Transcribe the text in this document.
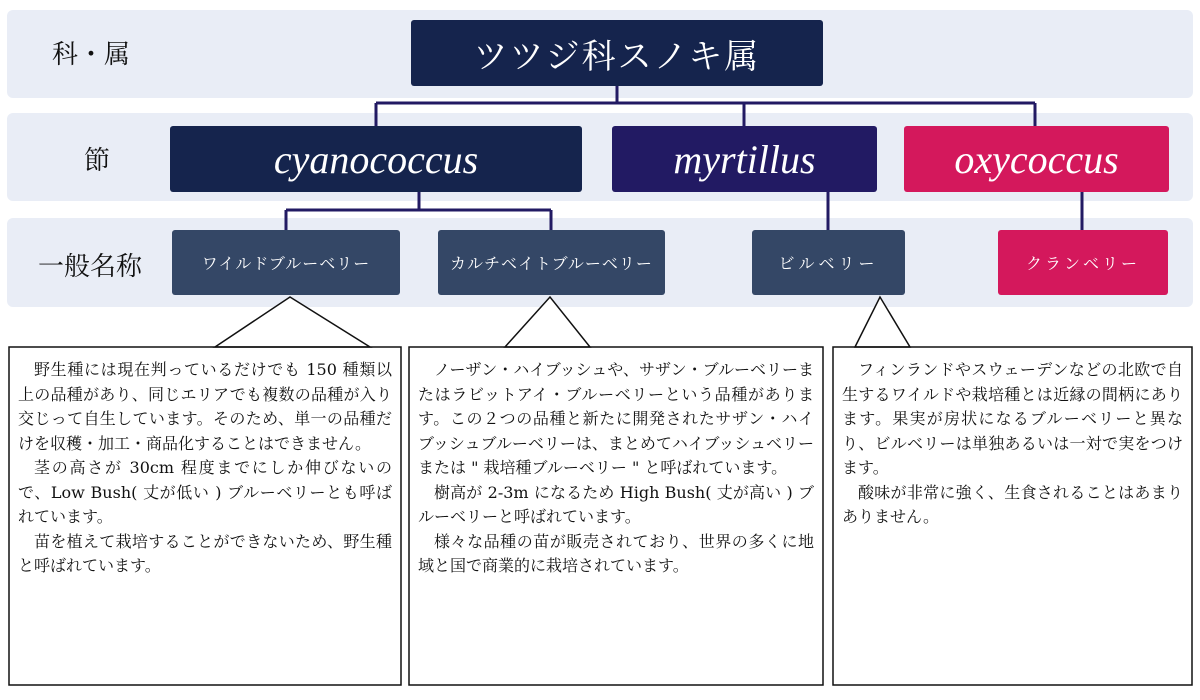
科・属
節
一般名称
ツツジ科スノキ属
cyanococcus	myrtillus	oxycoccus
ワイルドブルーベリー	カルチベイトブルーベリー	ビルベリー	クランベリー

野生種には現在判っているだけでも 150 種類以上の品種があり、同じエリアでも複数の品種が入り交じって自生しています。そのため、単一の品種だけを収穫・加工・商品化することはできません。

茎の高さが 30cm 程度までにしか伸びないので、Low Bush( 丈が低い ) ブルーベリーとも呼ばれています。

苗を植えて栽培することができないため、野生種と呼ばれています。

ノーザン・ハイブッシュや、サザン・ブルーベリーまたはラビットアイ・ブルーベリーという品種があります。この２つの品種と新たに開発されたサザン・ハイブッシュブルーベリーは、まとめてハイブッシュベリーまたは " 栽培種ブルーベリー " と呼ばれています。

樹高が 2-3m になるため High Bush( 丈が高い ) ブルーベリーと呼ばれています。

様々な品種の苗が販売されており、世界の多くに地域と国で商業的に栽培されています。

フィンランドやスウェーデンなどの北欧で自生するワイルドや栽培種とは近縁の間柄にあります。果実が房状になるブルーベリーと異なり、ビルベリーは単独あるいは一対で実をつけます。

酸味が非常に強く、生食されることはあまりありません。
